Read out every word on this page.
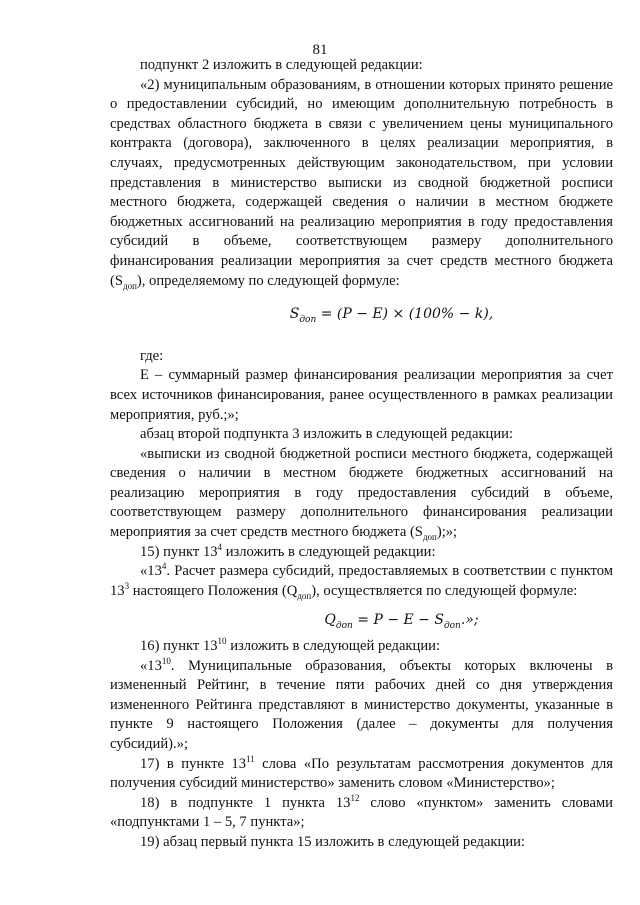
81

подпункт 2 изложить в следующей редакции:

«2) муниципальным образованиям, в отношении которых принято решение о предоставлении субсидий, но имеющим дополнительную потребность в средствах областного бюджета в связи с увеличением цены муниципального контракта (договора), заключенного в целях реализации мероприятия, в случаях, предусмотренных действующим законодательством, при условии представления в министерство выписки из сводной бюджетной росписи местного бюджета, содержащей сведения о наличии в местном бюджете бюджетных ассигнований на реализацию мероприятия в году предоставления субсидий в объеме, соответствующем размеру дополнительного финансирования реализации мероприятия за счет средств местного бюджета $(S_{доп})$, определяемому по следующей формуле:

$S_{доп} = (P - E) \times (100\% - k)$,

где:

E – суммарный размер финансирования реализации мероприятия за счет всех источников финансирования, ранее осуществленного в рамках реализации мероприятия, руб.;»;

абзац второй подпункта 3 изложить в следующей редакции:

«выписки из сводной бюджетной росписи местного бюджета, содержащей сведения о наличии в местном бюджете бюджетных ассигнований на реализацию мероприятия в году предоставления субсидий в объеме, соответствующем размеру дополнительного финансирования реализации мероприятия за счет средств местного бюджета $(S_{доп})$;»;

15) пункт $13^4$ изложить в следующей редакции:

«$13^4$. Расчет размера субсидий, предоставляемых в соответствии с пунктом $13^3$ настоящего Положения $(Q_{доп})$, осуществляется по следующей формуле:

$Q_{доп} = P - E - S_{доп}$.»;

16) пункт $13^{10}$ изложить в следующей редакции:

«$13^{10}$. Муниципальные образования, объекты которых включены в измененный Рейтинг, в течение пяти рабочих дней со дня утверждения измененного Рейтинга представляют в министерство документы, указанные в пункте 9 настоящего Положения (далее – документы для получения субсидий).»;

17) в пункте $13^{11}$ слова «По результатам рассмотрения документов для получения субсидий министерство» заменить словом «Министерство»;

18) в подпункте 1 пункта $13^{12}$ слово «пунктом» заменить словами «подпунктами 1 – 5, 7 пункта»;

19) абзац первый пункта 15 изложить в следующей редакции:
